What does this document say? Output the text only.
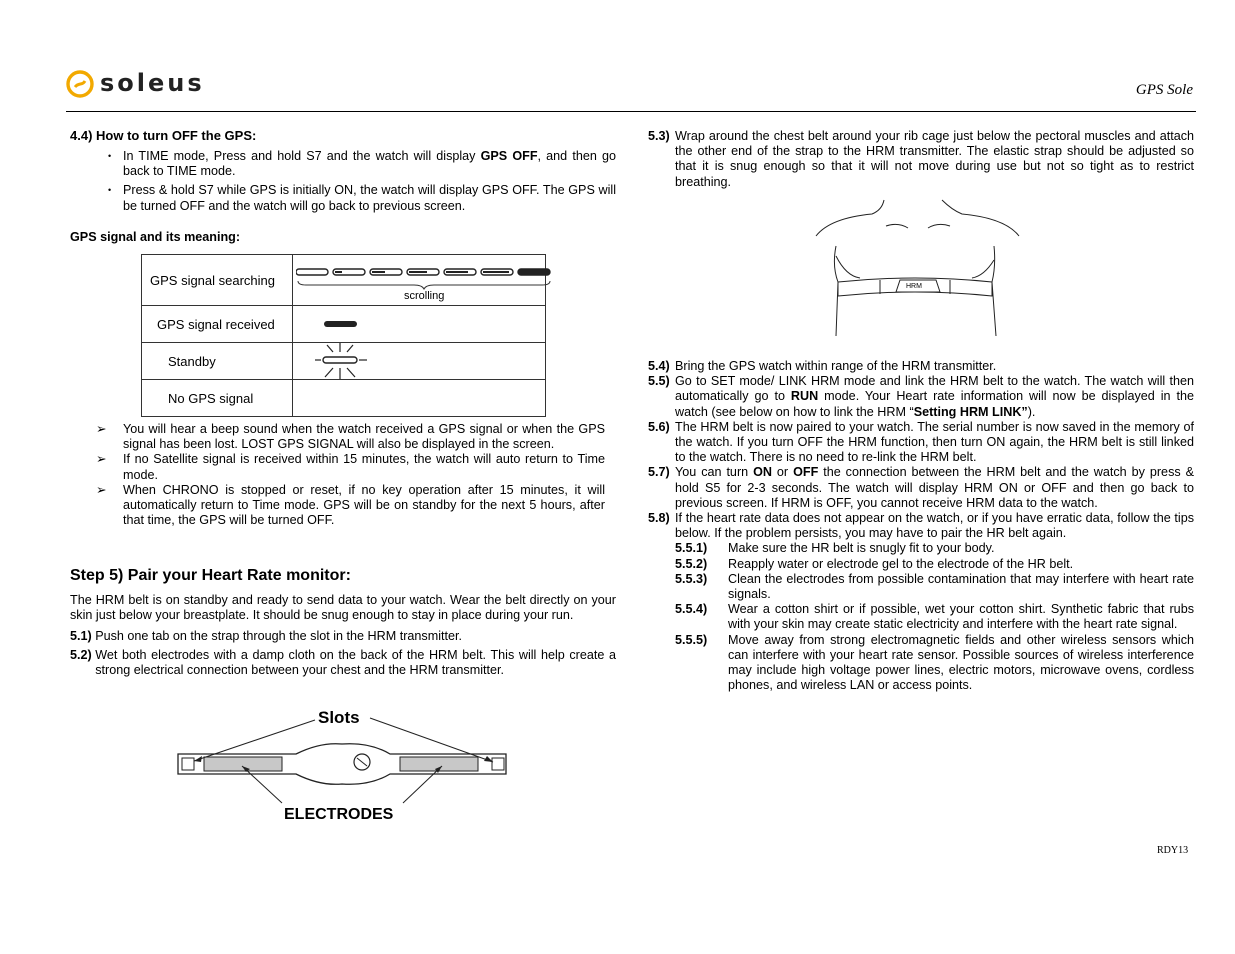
soleus	GPS Sole
4.4) How to turn OFF the GPS:
• In TIME mode, Press and hold S7 and the watch will display GPS OFF, and then go back to TIME mode.
• Press & hold S7 while GPS is initially ON, the watch will display GPS OFF. The GPS will be turned OFF and the watch will go back to previous screen.
GPS signal and its meaning:
GPS signal searching	scrolling

GPS signal received	

Standby	

No GPS signal	
➢	You will hear a beep sound when the watch received a GPS signal or when the GPS signal has been lost. LOST GPS SIGNAL will also be displayed in the screen.
➢	If no Satellite signal is received within 15 minutes, the watch will auto return to Time mode.
➢	When CHRONO is stopped or reset, if no key operation after 15 minutes, it will automatically return to Time mode. GPS will be on standby for the next 5 hours, after that time, the GPS will be turned OFF.
Step 5) Pair your Heart Rate monitor:

The HRM belt is on standby and ready to send data to your watch. Wear the belt directly on your skin just below your breastplate. It should be snug enough to stay in place during your run.

5.1)
Push one tab on the strap through the slot in the HRM transmitter.
5.2)
Wet both electrodes with a damp cloth on the back of the HRM belt. This will help create a strong electrical connection between your chest and the HRM transmitter.
Slots
ELECTRODES
5.3) Wrap around the chest belt around your rib cage just below the pectoral muscles and attach the other end of the strap to the HRM transmitter. The elastic strap should be adjusted so that it is snug enough so that it will not move during use but not so tight as to restrict breathing.
HRM
5.4) Bring the GPS watch within range of the HRM transmitter.
5.5) Go to SET mode/ LINK HRM mode and link the HRM belt to the watch. The watch will then automatically go to RUN mode. Your Heart rate information will now be displayed in the watch (see below on how to link the HRM “Setting HRM LINK”).
5.6) The HRM belt is now paired to your watch. The serial number is now saved in the memory of the watch. If you turn OFF the HRM function, then turn ON again, the HRM belt is still linked to the watch. There is no need to re-link the HRM belt.
5.7) You can turn ON or OFF the connection between the HRM belt and the watch by press & hold S5 for 2-3 seconds. The watch will display HRM ON or OFF and then go back to previous screen. If HRM is OFF, you cannot receive HRM data to the watch.
5.8) If the heart rate data does not appear on the watch, or if you have erratic data, follow the tips below. If the problem persists, you may have to pair the HR belt again.
5.5.1)	Make sure the HR belt is snugly fit to your body.
5.5.2)	Reapply water or electrode gel to the electrode of the HR belt.
5.5.3)	Clean the electrodes from possible contamination that may interfere with heart rate signals.
5.5.4)	Wear a cotton shirt or if possible, wet your cotton shirt. Synthetic fabric that rubs with your skin may create static electricity and interfere with the heart rate signal.
5.5.5)	Move away from strong electromagnetic fields and other wireless sensors which can interfere with your heart rate sensor. Possible sources of wireless interference may include high voltage power lines, electric motors, microwave ovens, cordless phones, and wireless LAN or access points.
RDY13
